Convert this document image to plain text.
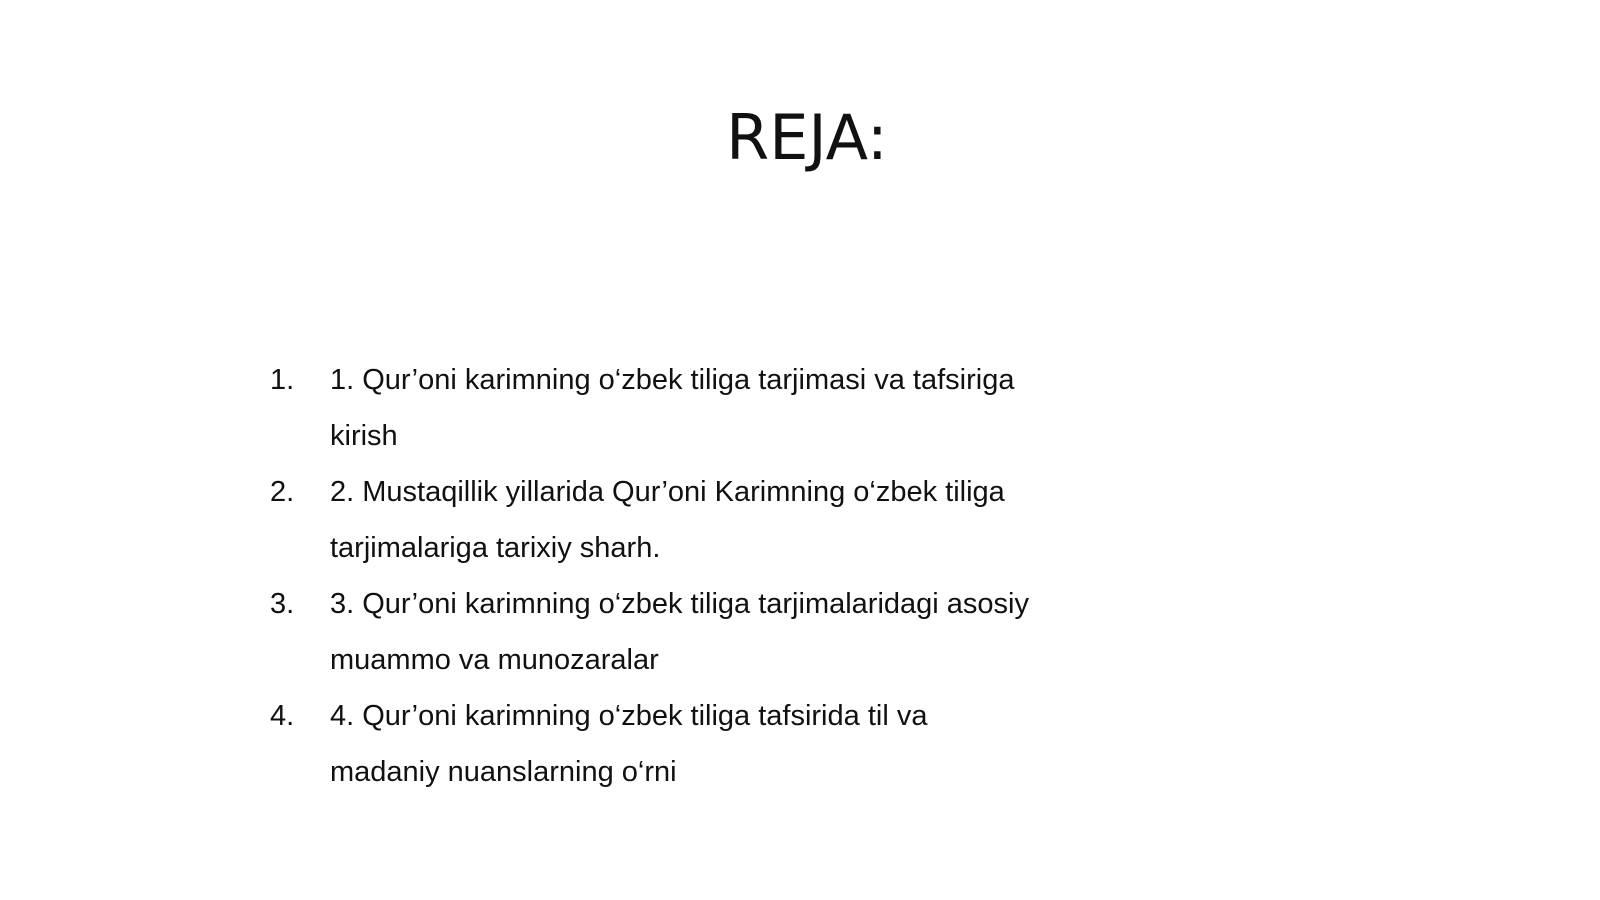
REJA:
1.	1. Qur’oni karimning o‘zbek tiliga tarjimasi va tafsiriga kirish
2.	2. Mustaqillik yillarida Qur’oni Karimning o‘zbek tiliga tarjimalariga tarixiy sharh.
3.	3. Qur’oni karimning o‘zbek tiliga tarjimalaridagi asosiy muammo va munozaralar
4.	4. Qur’oni karimning o‘zbek tiliga tafsirida til va madaniy nuanslarning o‘rni
